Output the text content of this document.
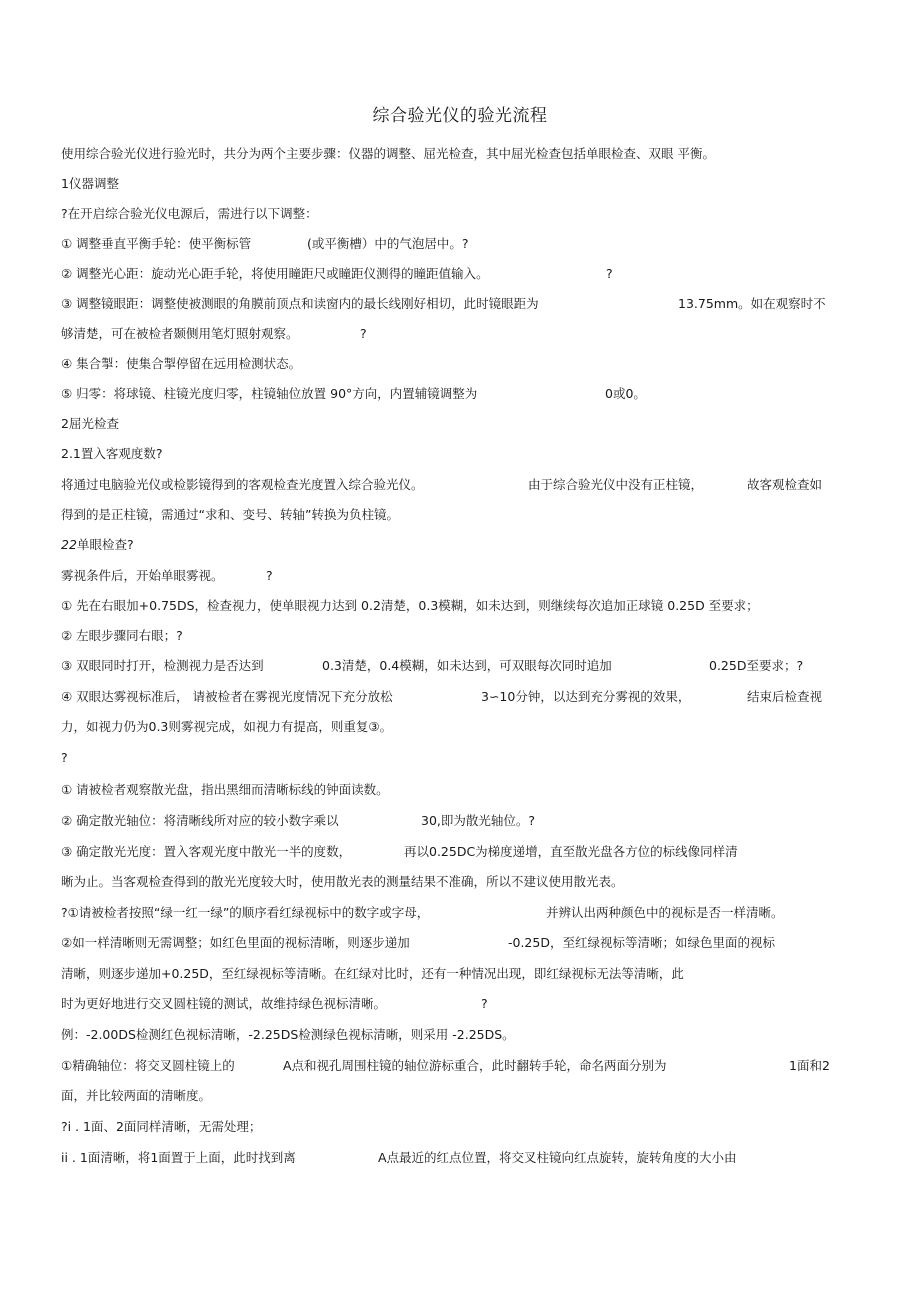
综合验光仪的验光流程
使用综合验光仪进行验光时，共分为两个主要步骤：仪器的调整、屈光检查，其中屈光检查包括单眼检查、双眼 平衡。
1仪器调整
?在开启综合验光仪电源后，需进行以下调整：
① 调整垂直平衡手轮：使平衡标管	(或平衡槽）中的气泡居中。?
② 调整光心距：旋动光心距手轮，将使用瞳距尺或瞳距仪测得的瞳距值输入。	?
③ 调整镜眼距：调整使被测眼的角膜前顶点和读窗内的最长线刚好相切，此时镜眼距为	13.75mm。如在观察时不
够清楚，可在被检者颞侧用笔灯照射观察。	?
④ 集合掣：使集合掣停留在远用检测状态。
⑤ 归零：将球镜、柱镜光度归零，柱镜轴位放置 90°方向，内置辅镜调整为	0或0。
2屈光检查
2.1置入客观度数?
将通过电脑验光仪或检影镜得到的客观检查光度置入综合验光仪。	由于综合验光仪中没有正柱镜，	故客观检查如
得到的是正柱镜，需通过“求和、变号、转轴”转换为负柱镜。
22 单眼检查?
雾视条件后，开始单眼雾视。	?
① 先在右眼加+0.75DS，检查视力，使单眼视力达到 0.2清楚，0.3模糊，如未达到，则继续每次追加正球镜 0.25D 至要求；
② 左眼步骤同右眼；?
③ 双眼同时打开，检测视力是否达到	0.3清楚，0.4模糊，如未达到，可双眼每次同时追加	0.25D至要求；?
④ 双眼达雾视标准后， 请被检者在雾视光度情况下充分放松	3∽10分钟，以达到充分雾视的效果，	结束后检查视
力，如视力仍为0.3则雾视完成，如视力有提高，则重复③。
?
① 请被检者观察散光盘，指出黑细而清晰标线的钟面读数。
② 确定散光轴位：将清晰线所对应的较小数字乘以	30,即为散光轴位。?
③ 确定散光光度：置入客观光度中散光一半的度数，	再以0.25DC为梯度递增，直至散光盘各方位的标线像同样清
晰为止。当客观检查得到的散光光度较大时，使用散光表的测量结果不准确，所以不建议使用散光表。
?①请被检者按照“绿一红一绿”的顺序看红绿视标中的数字或字母，	并辨认出两种颜色中的视标是否一样清晰。
②如一样清晰则无需调整；如红色里面的视标清晰，则逐步递加	-0.25D，至红绿视标等清晰；如绿色里面的视标
清晰，则逐步递加+0.25D，至红绿视标等清晰。在红绿对比时，还有一种情况出现，即红绿视标无法等清晰，此
时为更好地进行交叉圆柱镜的测试，故维持绿色视标清晰。	?
例：-2.00DS检测红色视标清晰，-2.25DS检测绿色视标清晰，则采用 -2.25DS。
①精确轴位：将交叉圆柱镜上的	A点和视孔周围柱镜的轴位游标重合，此时翻转手轮，命名两面分别为	1面和2
面，并比较两面的清晰度。
?i . 1面、2面同样清晰，无需处理；
ii . 1面清晰，将1面置于上面，此时找到离	A点最近的红点位置，将交叉柱镜向红点旋转，旋转角度的大小由
